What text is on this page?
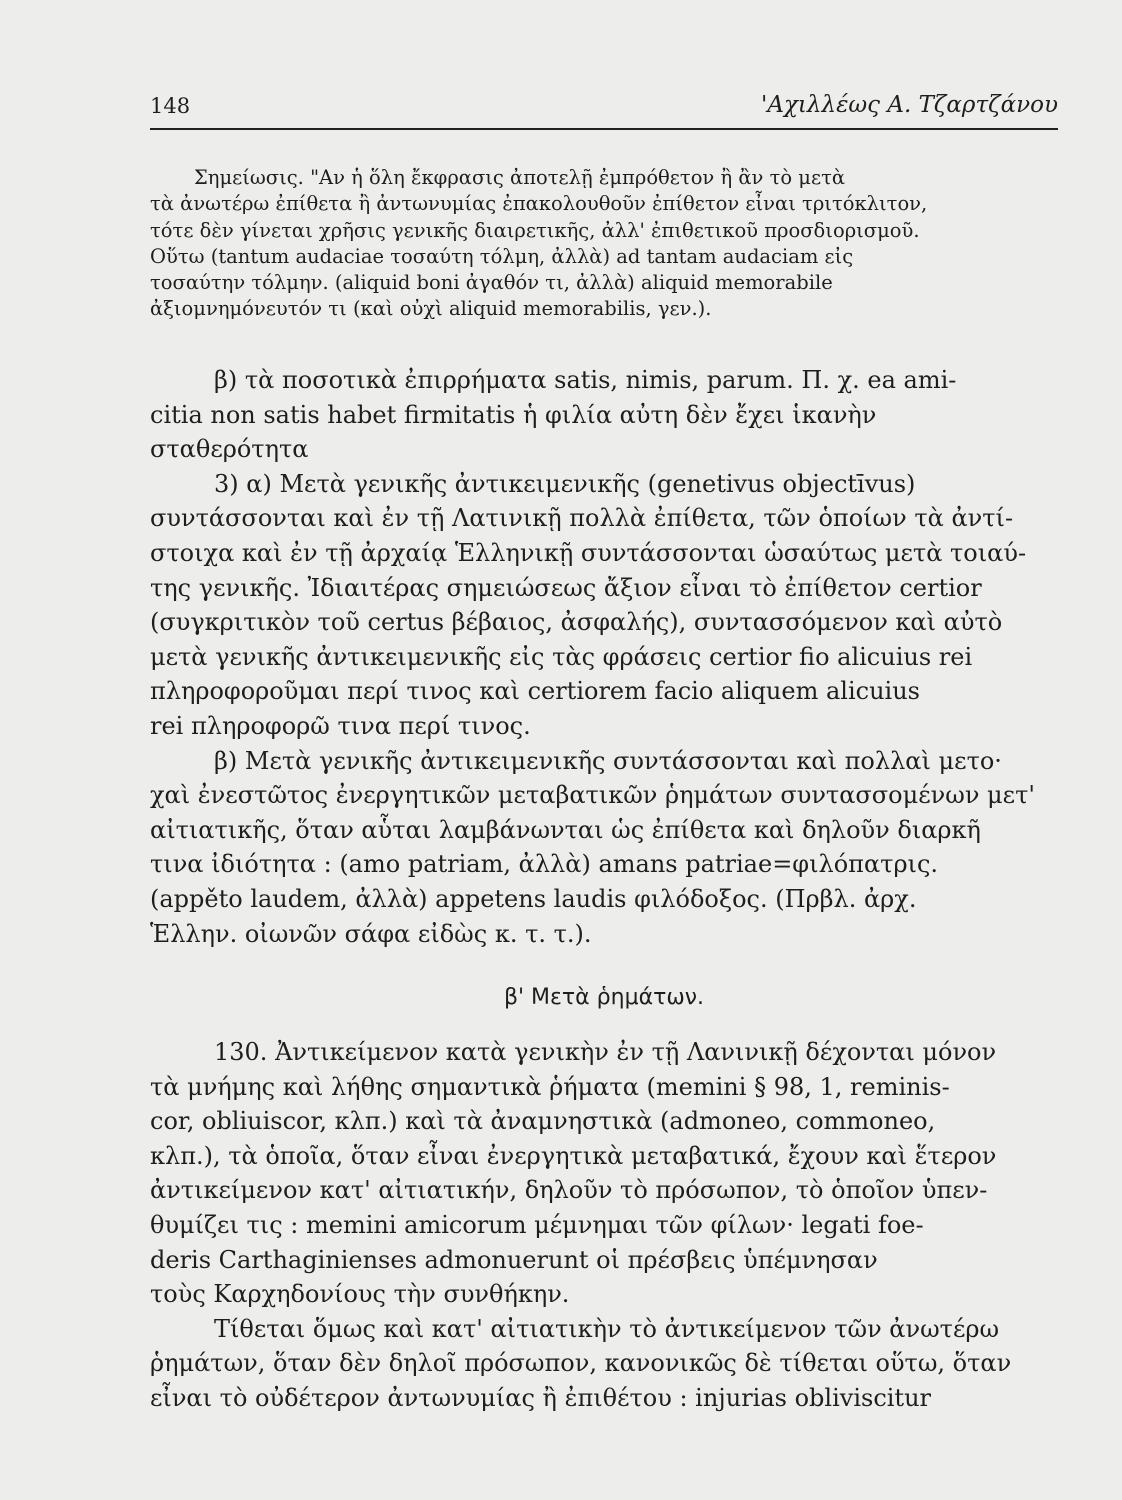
148	'Αχιλλέως Α. Τζαρτζάνου
Σημείωσις. "Αν ἡ ὅλη ἔκφρασις ἀποτελῇ ἐμπρόθετον ἢ ἂν τὸ μετὰ
τὰ ἀνωτέρω ἐπίθετα ἢ ἀντωνυμίας ἐπακολουθοῦν ἐπίθετον εἶναι τριτόκλιτον,
τότε δὲν γίνεται χρῆσις γενικῆς διαιρετικῆς, ἀλλ' ἐπιθετικοῦ προσδιορισμοῦ.
Οὕτω (tantum audaciae τοσαύτη τόλμη, ἀλλὰ) ad tantam audaciam εἰς
τοσαύτην τόλμην. (aliquid boni ἀγαθόν τι, ἀλλὰ) aliquid memorabile
ἀξιομνημόνευτόν τι (καὶ οὐχὶ aliquid memorabilis, γεν.).
β) τὰ ποσοτικὰ ἐπιρρήματα satis, nimis, parum. Π. χ. ea ami-
citia non satis habet firmitatis ἡ φιλία αὐτη δὲν ἔχει ἱκανὴν
σταθερότητα
3) α) Μετὰ γενικῆς ἀντικειμενικῆς (genetivus objectīvus)
συντάσσονται καὶ ἐν τῇ Λατινικῇ πολλὰ ἐπίθετα, τῶν ὁποίων τὰ ἀντί-
στοιχα καὶ ἐν τῇ ἀρχαίᾳ Ἑλληνικῇ συντάσσονται ὡσαύτως μετὰ τοιαύ-
της γενικῆς. Ἰδιαιτέρας σημειώσεως ἄξιον εἶναι τὸ ἐπίθετον certior
(συγκριτικὸν τοῦ certus βέβαιος, ἀσφαλής), συντασσόμενον καὶ αὐτὸ
μετὰ γενικῆς ἀντικειμενικῆς εἰς τὰς φράσεις certior fio alicuius rei
πληροφοροῦμαι περί τινος καὶ certiorem facio aliquem alicuius
rei πληροφορῶ τινα περί τινος.
β) Μετὰ γενικῆς ἀντικειμενικῆς συντάσσονται καὶ πολλαὶ μετο·
χαὶ ἐνεστῶτος ἐνεργητικῶν μεταβατικῶν ῥημάτων συντασσομένων μετ'
αἰτιατικῆς, ὅταν αὗται λαμβάνωνται ὡς ἐπίθετα καὶ δηλοῦν διαρκῆ
τινα ἰδιότητα : (amo patriam, ἀλλὰ) amans patriae=φιλόπατρις.
(appěto laudem, ἀλλὰ) appetens laudis φιλόδοξος. (Πρβλ. ἀρχ.
Ἑλλην. οἰωνῶν σάφα εἰδὼς κ. τ. τ.).
β' Μετὰ ῥημάτων.
130. Ἀντικείμενον κατὰ γενικὴν ἐν τῇ Λανινικῇ δέχονται μόνον
τὰ μνήμης καὶ λήθης σημαντικὰ ῥήματα (memini § 98, 1, reminis-
cor, obliuiscor, κλπ.) καὶ τὰ ἀναμνηστικὰ (admoneo, commoneo,
κλπ.), τὰ ὁποῖα, ὅταν εἶναι ἐνεργητικὰ μεταβατικά, ἔχουν καὶ ἕτερον
ἀντικείμενον κατ' αἰτιατικήν, δηλοῦν τὸ πρόσωπον, τὸ ὁποῖον ὑπεν-
θυμίζει τις : memini amicorum μέμνημαι τῶν φίλων· legati foe-
deris Carthaginienses admonuerunt οἱ πρέσβεις ὑπέμνησαν
τοὺς Καρχηδονίους τὴν συνθήκην.
Τίθεται ὅμως καὶ κατ' αἰτιατικὴν τὸ ἀντικείμενον τῶν ἀνωτέρω
ῥημάτων, ὅταν δὲν δηλοῖ πρόσωπον, κανονικῶς δὲ τίθεται οὕτω, ὅταν
εἶναι τὸ οὐδέτερον ἀντωνυμίας ἢ ἐπιθέτου : injurias obliviscitur
